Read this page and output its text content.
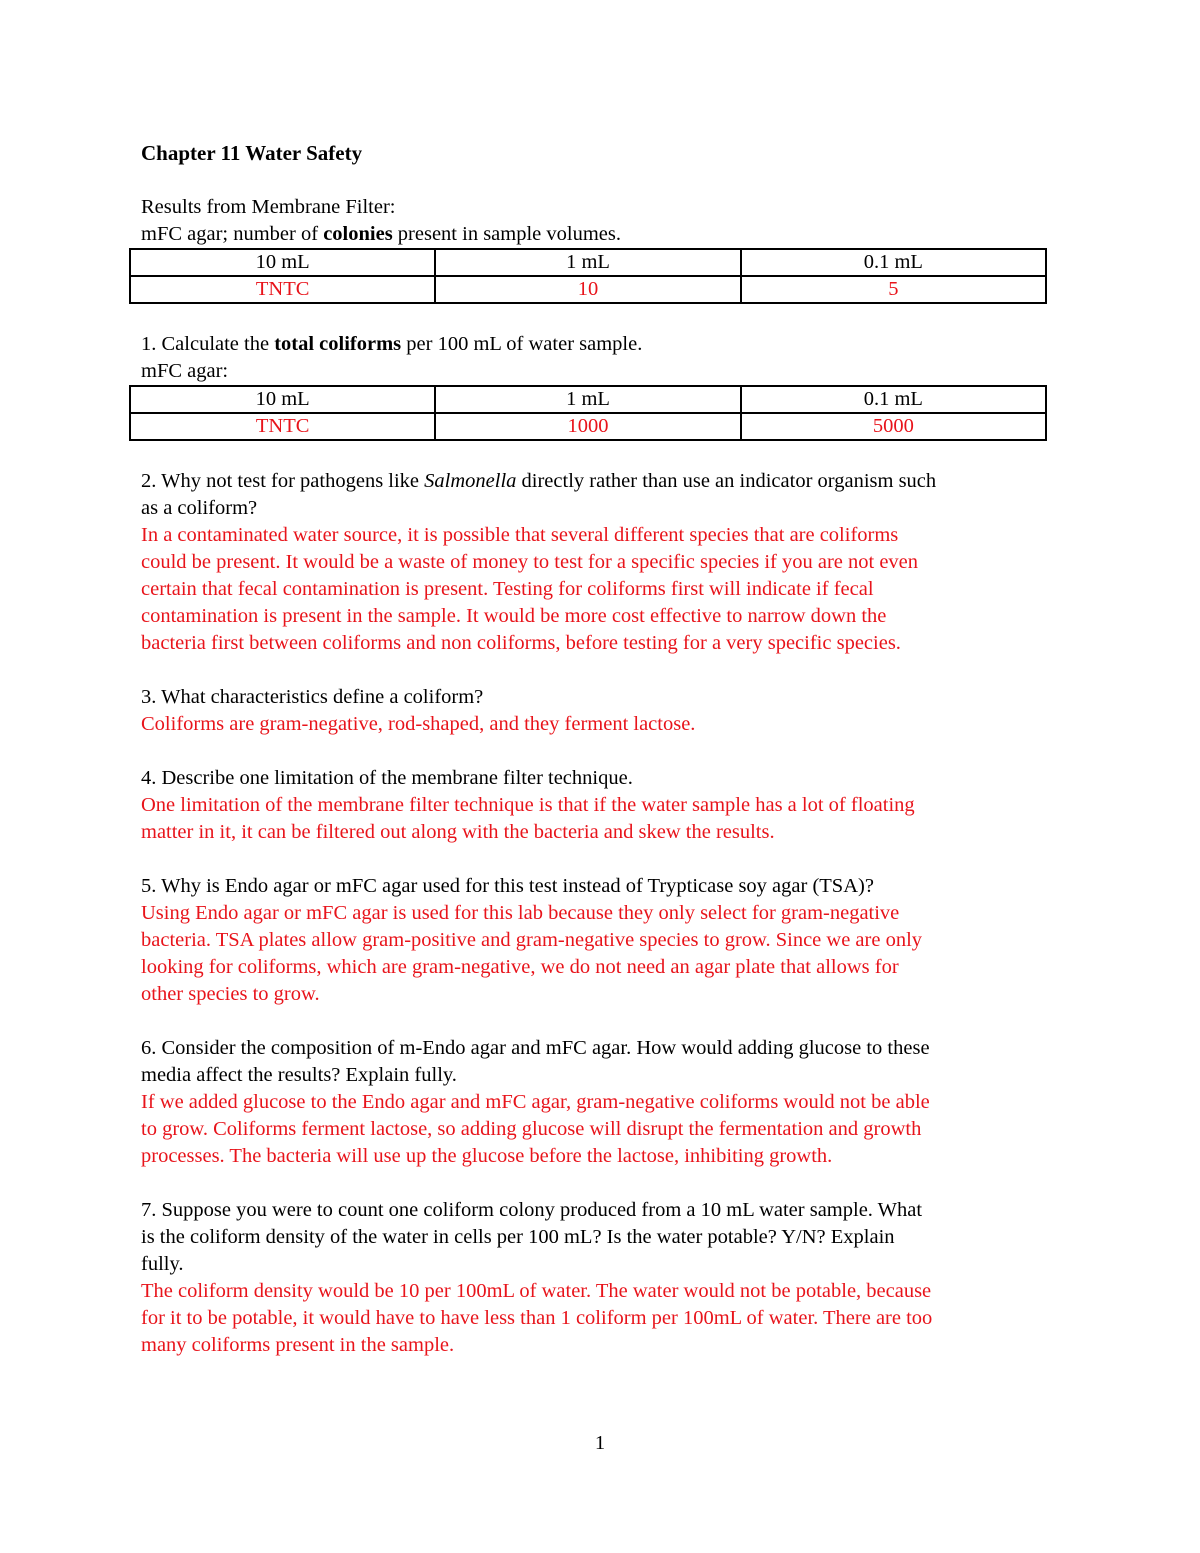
Chapter 11 Water Safety

Results from Membrane Filter:

mFC agar; number of colonies present in sample volumes.

10 mL	1 mL	0.1 mL
TNTC	10	5

1. Calculate the total coliforms per 100 mL of water sample.

mFC agar:

10 mL	1 mL	0.1 mL
TNTC	1000	5000

2. Why not test for pathogens like Salmonella directly rather than use an indicator organism such

as a coliform?

In a contaminated water source, it is possible that several different species that are coliforms

could be present. It would be a waste of money to test for a specific species if you are not even

certain that fecal contamination is present. Testing for coliforms first will indicate if fecal

contamination is present in the sample. It would be more cost effective to narrow down the

bacteria first between coliforms and non coliforms, before testing for a very specific species.

3. What characteristics define a coliform?

Coliforms are gram-negative, rod-shaped, and they ferment lactose.

4. Describe one limitation of the membrane filter technique.

One limitation of the membrane filter technique is that if the water sample has a lot of floating

matter in it, it can be filtered out along with the bacteria and skew the results.

5. Why is Endo agar or mFC agar used for this test instead of Trypticase soy agar (TSA)?

Using Endo agar or mFC agar is used for this lab because they only select for gram-negative

bacteria. TSA plates allow gram-positive and gram-negative species to grow. Since we are only

looking for coliforms, which are gram-negative, we do not need an agar plate that allows for

other species to grow.

6. Consider the composition of m-Endo agar and mFC agar. How would adding glucose to these

media affect the results? Explain fully.

If we added glucose to the Endo agar and mFC agar, gram-negative coliforms would not be able

to grow. Coliforms ferment lactose, so adding glucose will disrupt the fermentation and growth

processes. The bacteria will use up the glucose before the lactose, inhibiting growth.

7. Suppose you were to count one coliform colony produced from a 10 mL water sample. What

is the coliform density of the water in cells per 100 mL? Is the water potable? Y/N? Explain

fully.

The coliform density would be 10 per 100mL of water. The water would not be potable, because

for it to be potable, it would have to have less than 1 coliform per 100mL of water. There are too

many coliforms present in the sample.

1
